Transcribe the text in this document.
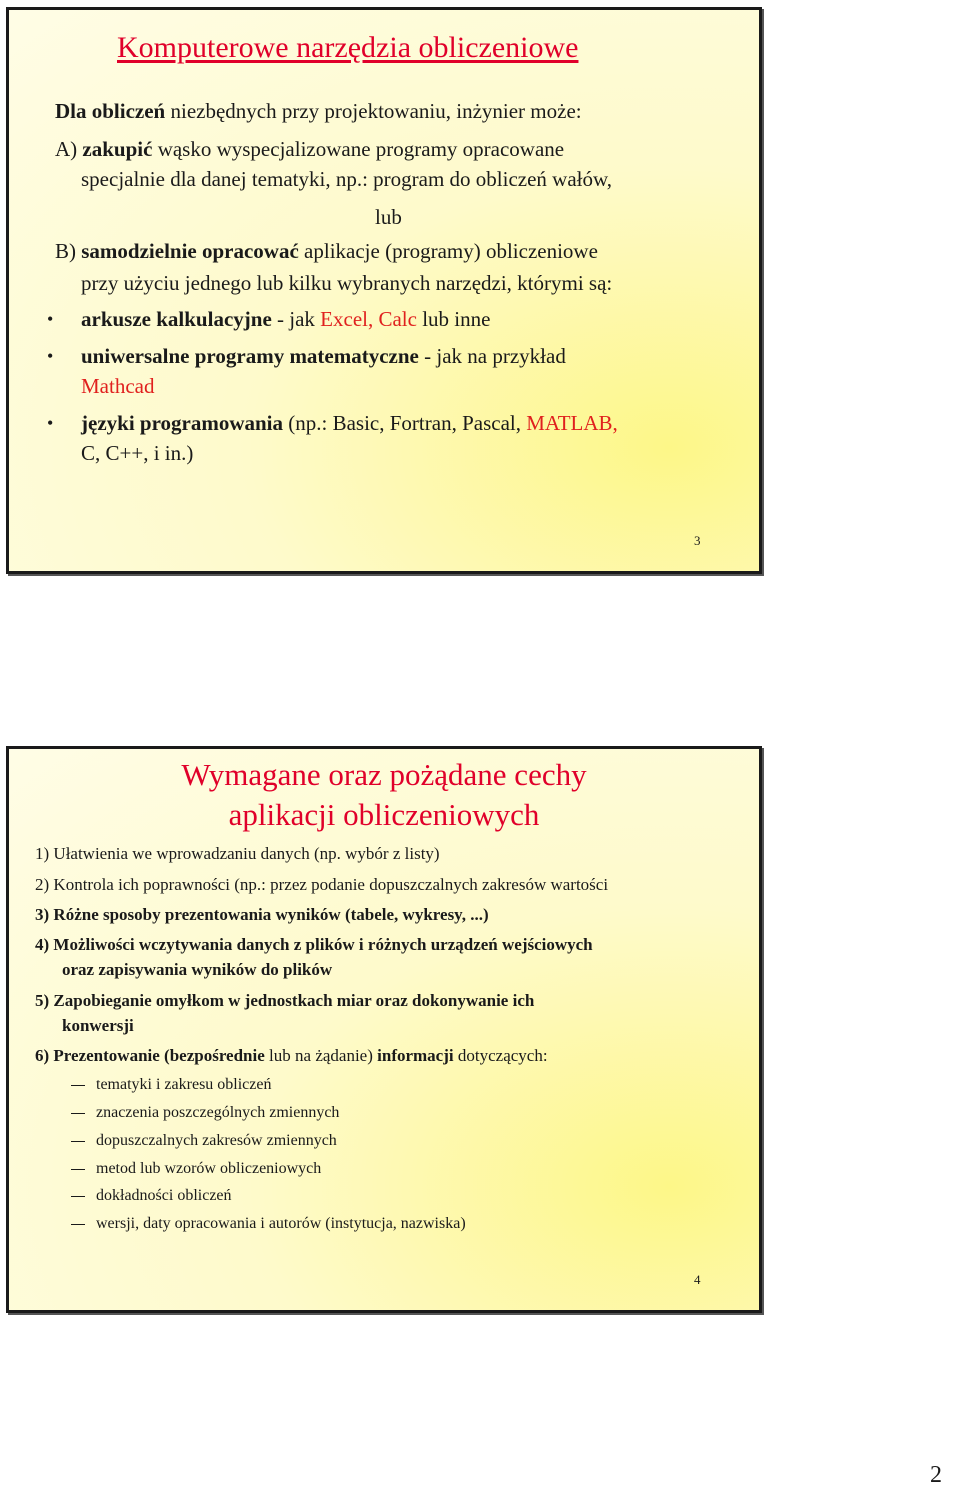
Komputerowe narzędzia obliczeniowe
Dla obliczeń niezbędnych przy projektowaniu, inżynier może:
A) zakupić wąsko wyspecjalizowane programy opracowane
specjalnie dla danej tematyki, np.: program do obliczeń wałów,
lub
B) samodzielnie opracować aplikacje (programy) obliczeniowe
przy użyciu jednego lub kilku wybranych narzędzi, którymi są:
• arkusze kalkulacyjne - jak Excel, Calc lub inne
• uniwersalne programy matematyczne - jak na przykład
Mathcad
• języki programowania (np.: Basic, Fortran, Pascal, MATLAB,
C, C++, i in.)
3
Wymagane oraz pożądane cechy
aplikacji obliczeniowych
1) Ułatwienia we wprowadzaniu danych (np. wybór z listy)
2) Kontrola ich poprawności (np.: przez podanie dopuszczalnych zakresów wartości
3) Różne sposoby prezentowania wyników (tabele, wykresy, ...)
4) Możliwości wczytywania danych z plików i różnych urządzeń wejściowych
oraz zapisywania wyników do plików
5) Zapobieganie omyłkom w jednostkach miar oraz dokonywanie ich
konwersji
6) Prezentowanie (bezpośrednie lub na żądanie) informacji dotyczących:
tematyki i zakresu obliczeń
znaczenia poszczególnych zmiennych
dopuszczalnych zakresów zmiennych
metod lub wzorów obliczeniowych
dokładności obliczeń
wersji, daty opracowania i autorów (instytucja, nazwiska)
4
2
